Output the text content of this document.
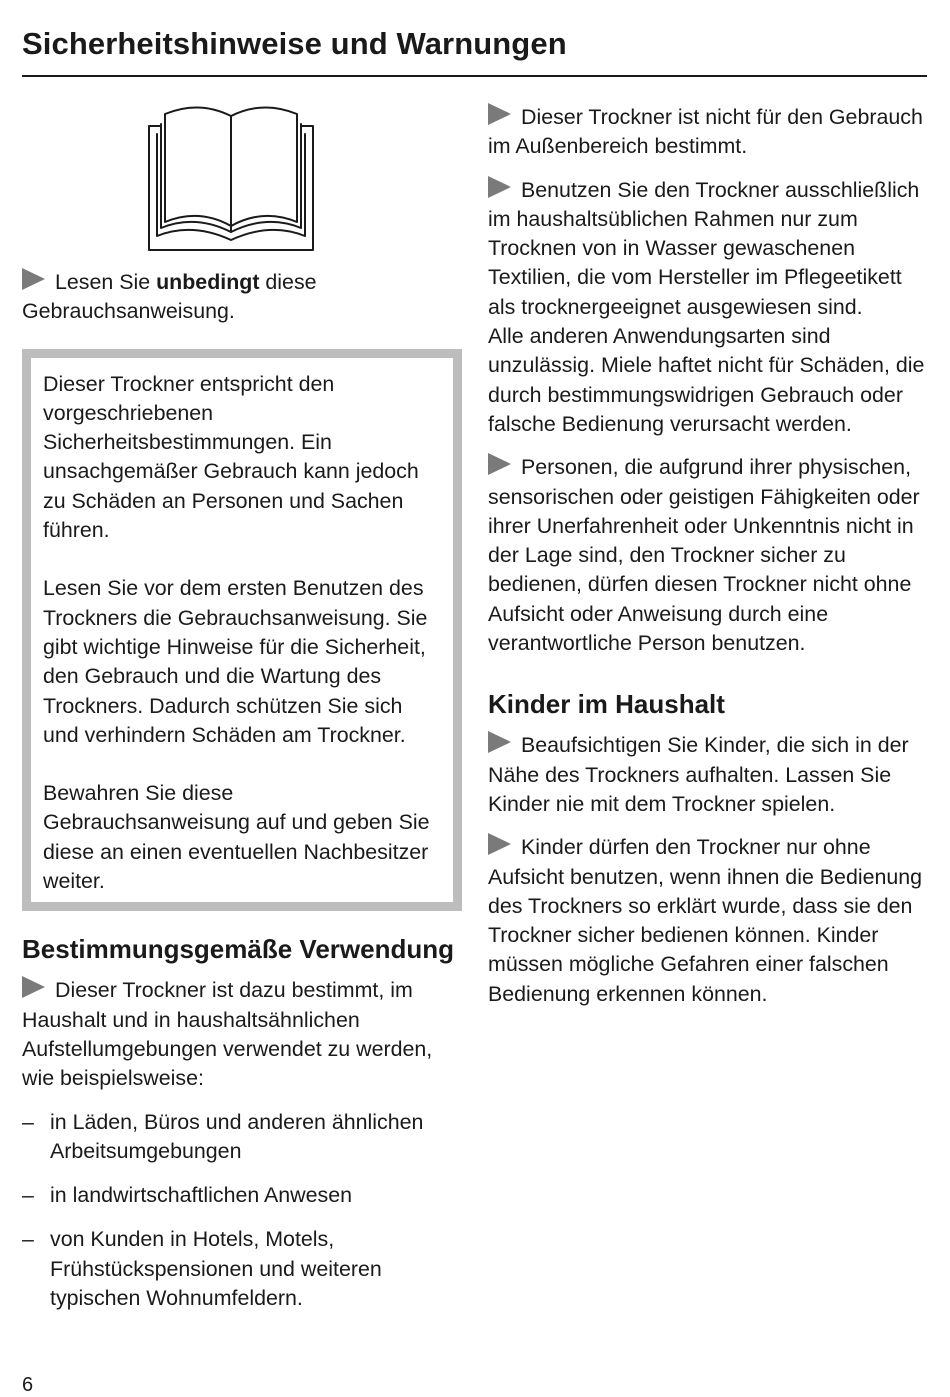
Sicherheitshinweise und Warnungen

Lesen Sie unbedingt diese Gebrauchsanweisung.

Dieser Trockner entspricht den vorgeschriebenen Sicherheitsbestimmungen. Ein unsachgemäßer Gebrauch kann jedoch zu Schäden an Personen und Sachen führen.

Lesen Sie vor dem ersten Benutzen des Trockners die Gebrauchsanweisung. Sie gibt wichtige Hinweise für die Sicherheit, den Gebrauch und die Wartung des Trockners. Dadurch schützen Sie sich und verhindern Schäden am Trockner.

Bewahren Sie diese Gebrauchsanweisung auf und geben Sie diese an einen eventuellen Nachbesitzer weiter.

Bestimmungsgemäße Verwendung

Dieser Trockner ist dazu bestimmt, im Haushalt und in haushaltsähnlichen Aufstellumgebungen verwendet zu werden, wie beispielsweise:

– in Läden, Büros und anderen ähnlichen Arbeitsumgebungen
– in landwirtschaftlichen Anwesen
– von Kunden in Hotels, Motels, Frühstückspensionen und weiteren typischen Wohnumfeldern.

Dieser Trockner ist nicht für den Gebrauch im Außenbereich bestimmt.

Benutzen Sie den Trockner ausschließlich im haushaltsüblichen Rahmen nur zum Trocknen von in Wasser gewaschenen Textilien, die vom Hersteller im Pflegeetikett als trocknergeeignet ausgewiesen sind.

Alle anderen Anwendungsarten sind unzulässig. Miele haftet nicht für Schäden, die durch bestimmungswidrigen Gebrauch oder falsche Bedienung verursacht werden.

Personen, die aufgrund ihrer physischen, sensorischen oder geistigen Fähigkeiten oder ihrer Unerfahrenheit oder Unkenntnis nicht in der Lage sind, den Trockner sicher zu bedienen, dürfen diesen Trockner nicht ohne Aufsicht oder Anweisung durch eine verantwortliche Person benutzen.

Kinder im Haushalt

Beaufsichtigen Sie Kinder, die sich in der Nähe des Trockners aufhalten. Lassen Sie Kinder nie mit dem Trockner spielen.

Kinder dürfen den Trockner nur ohne Aufsicht benutzen, wenn ihnen die Bedienung des Trockners so erklärt wurde, dass sie den Trockner sicher bedienen können. Kinder müssen mögliche Gefahren einer falschen Bedienung erkennen können.

6
